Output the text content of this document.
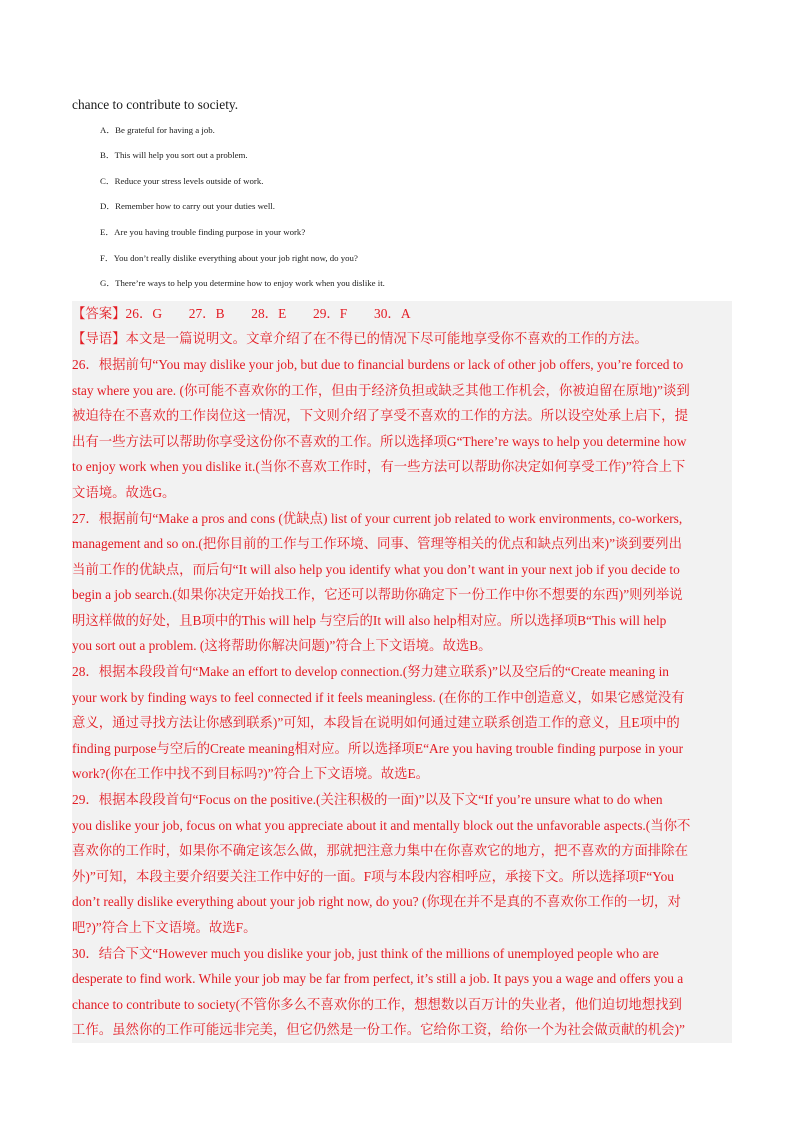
chance to contribute to society.
A．Be grateful for having a job.
B．This will help you sort out a problem.
C．Reduce your stress levels outside of work.
D．Remember how to carry out your duties well.
E．Are you having trouble finding purpose in your work?
F．You don’t really dislike everything about your job right now, do you?
G．There’re ways to help you determine how to enjoy work when you dislike it.
【答案】26．G　　27．B　　28．E　　29．F　　30．A
【导语】本文是一篇说明文。文章介绍了在不得已的情况下尽可能地享受你不喜欢的工作的方法。
26．根据前句“You may dislike your job, but due to financial burdens or lack of other job offers, you’re forced to
stay where you are. (你可能不喜欢你的工作，但由于经济负担或缺乏其他工作机会，你被迫留在原地)”谈到
被迫待在不喜欢的工作岗位这一情况，下文则介绍了享受不喜欢的工作的方法。所以设空处承上启下，提
出有一些方法可以帮助你享受这份你不喜欢的工作。所以选择项G“There’re ways to help you determine how
to enjoy work when you dislike it.(当你不喜欢工作时，有一些方法可以帮助你决定如何享受工作)”符合上下
文语境。故选G。
27．根据前句“Make a pros and cons (优缺点) list of your current job related to work environments, co-workers,
management and so on.(把你目前的工作与工作环境、同事、管理等相关的优点和缺点列出来)”谈到要列出
当前工作的优缺点，而后句“It will also help you identify what you don’t want in your next job if you decide to
begin a job search.(如果你决定开始找工作，它还可以帮助你确定下一份工作中你不想要的东西)”则列举说
明这样做的好处，且B项中的This will help 与空后的It will also help相对应。所以选择项B“This will help
you sort out a problem. (这将帮助你解决问题)”符合上下文语境。故选B。
28．根据本段段首句“Make an effort to develop connection.(努力建立联系)”以及空后的“Create meaning in
your work by finding ways to feel connected if it feels meaningless. (在你的工作中创造意义，如果它感觉没有
意义，通过寻找方法让你感到联系)”可知，本段旨在说明如何通过建立联系创造工作的意义，且E项中的
finding purpose与空后的Create meaning相对应。所以选择项E“Are you having trouble finding purpose in your
work?(你在工作中找不到目标吗?)”符合上下文语境。故选E。
29．根据本段段首句“Focus on the positive.(关注积极的一面)”以及下文“If you’re unsure what to do when
you dislike your job, focus on what you appreciate about it and mentally block out the unfavorable aspects.(当你不
喜欢你的工作时，如果你不确定该怎么做，那就把注意力集中在你喜欢它的地方，把不喜欢的方面排除在
外)”可知，本段主要介绍要关注工作中好的一面。F项与本段内容相呼应，承接下文。所以选择项F“You
don’t really dislike everything about your job right now, do you? (你现在并不是真的不喜欢你工作的一切，对
吧?)”符合上下文语境。故选F。
30．结合下文“However much you dislike your job, just think of the millions of unemployed people who are
desperate to find work. While your job may be far from perfect, it’s still a job. It pays you a wage and offers you a
chance to contribute to society(不管你多么不喜欢你的工作，想想数以百万计的失业者，他们迫切地想找到
工作。虽然你的工作可能远非完美，但它仍然是一份工作。它给你工资，给你一个为社会做贡献的机会)”
